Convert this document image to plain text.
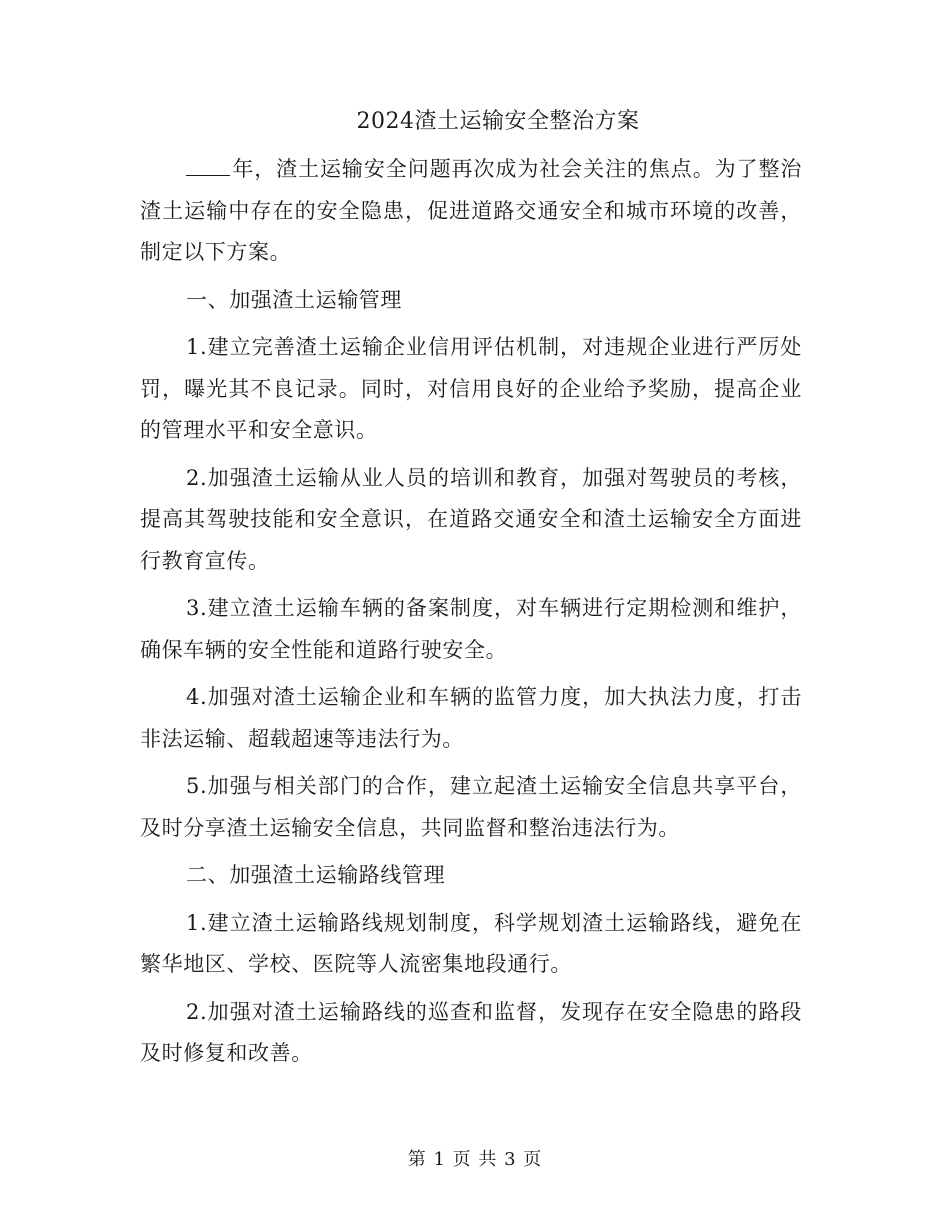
2024渣土运输安全整治方案

年，渣土运输安全问题再次成为社会关注的焦点。为了整治渣土运输中存在的安全隐患，促进道路交通安全和城市环境的改善，制定以下方案。

一、加强渣土运输管理

1.建立完善渣土运输企业信用评估机制，对违规企业进行严厉处罚，曝光其不良记录。同时，对信用良好的企业给予奖励，提高企业的管理水平和安全意识。

2.加强渣土运输从业人员的培训和教育，加强对驾驶员的考核，提高其驾驶技能和安全意识，在道路交通安全和渣土运输安全方面进行教育宣传。

3.建立渣土运输车辆的备案制度，对车辆进行定期检测和维护，确保车辆的安全性能和道路行驶安全。

4.加强对渣土运输企业和车辆的监管力度，加大执法力度，打击非法运输、超载超速等违法行为。

5.加强与相关部门的合作，建立起渣土运输安全信息共享平台，及时分享渣土运输安全信息，共同监督和整治违法行为。

二、加强渣土运输路线管理

1.建立渣土运输路线规划制度，科学规划渣土运输路线，避免在繁华地区、学校、医院等人流密集地段通行。

2.加强对渣土运输路线的巡查和监督，发现存在安全隐患的路段及时修复和改善。

第 1 页 共 3 页
